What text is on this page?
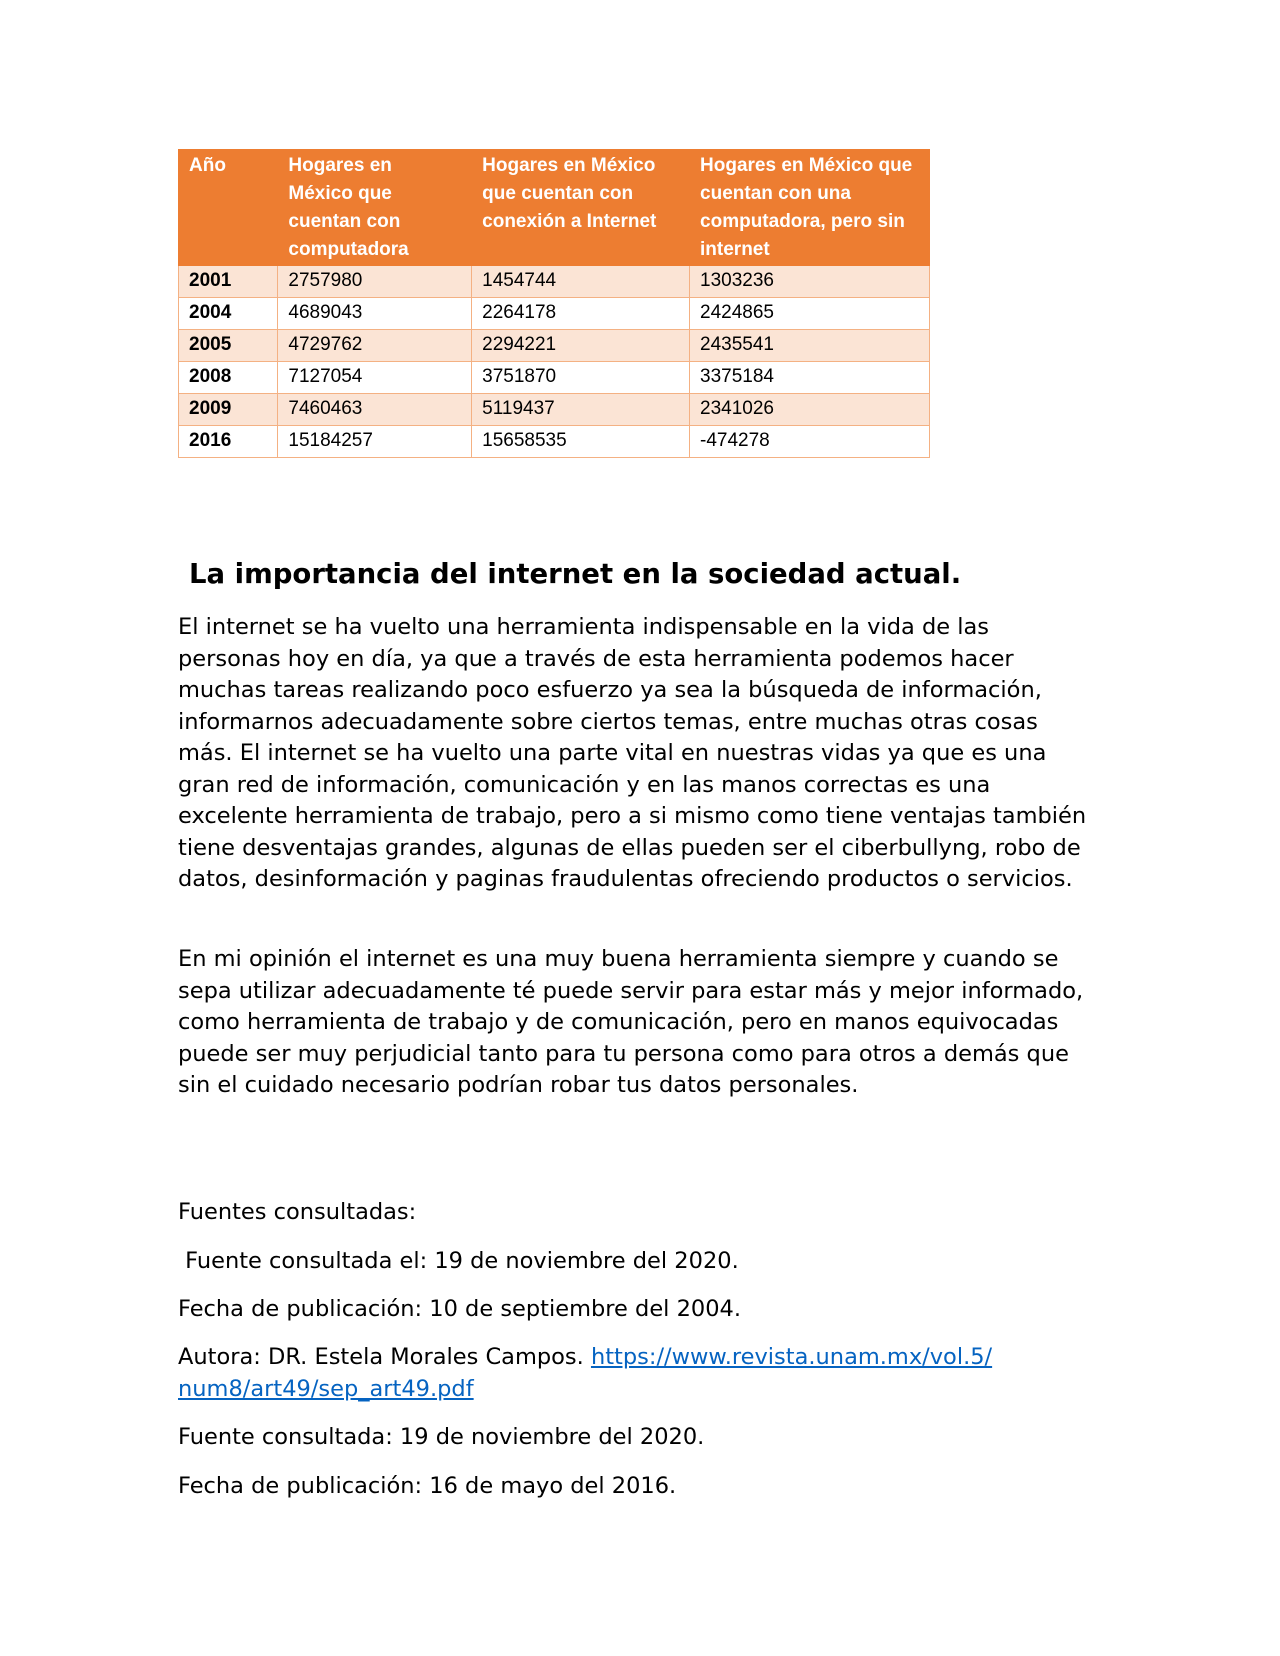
Año	Hogares en México que cuentan con computadora	Hogares en México que cuentan con conexión a Internet	Hogares en México que cuentan con una computadora, pero sin internet
2001	2757980	1454744	1303236
2004	4689043	2264178	2424865
2005	4729762	2294221	2435541
2008	7127054	3751870	3375184
2009	7460463	5119437	2341026
2016	15184257	15658535	-474278
La importancia del internet en la sociedad actual.

El internet se ha vuelto una herramienta indispensable en la vida de las personas hoy en día, ya que a través de esta herramienta podemos hacer muchas tareas realizando poco esfuerzo ya sea la búsqueda de información, informarnos adecuadamente sobre ciertos temas, entre muchas otras cosas más. El internet se ha vuelto una parte vital en nuestras vidas ya que es una gran red de información, comunicación y en las manos correctas es una excelente herramienta de trabajo, pero a si mismo como tiene ventajas también tiene desventajas grandes, algunas de ellas pueden ser el ciberbullyng, robo de datos, desinformación y paginas fraudulentas ofreciendo productos o servicios.

En mi opinión el internet es una muy buena herramienta siempre y cuando se sepa utilizar adecuadamente té puede servir para estar más y mejor informado, como herramienta de trabajo y de comunicación, pero en manos equivocadas puede ser muy perjudicial tanto para tu persona como para otros a demás que sin el cuidado necesario podrían robar tus datos personales.

Fuentes consultadas:

Fuente consultada el: 19 de noviembre del 2020.

Fecha de publicación: 10 de septiembre del 2004.

Autora: DR. Estela Morales Campos. https://www.revista.unam.mx/vol.5/

num8/art49/sep_art49.pdf

Fuente consultada: 19 de noviembre del 2020.

Fecha de publicación: 16 de mayo del 2016.
